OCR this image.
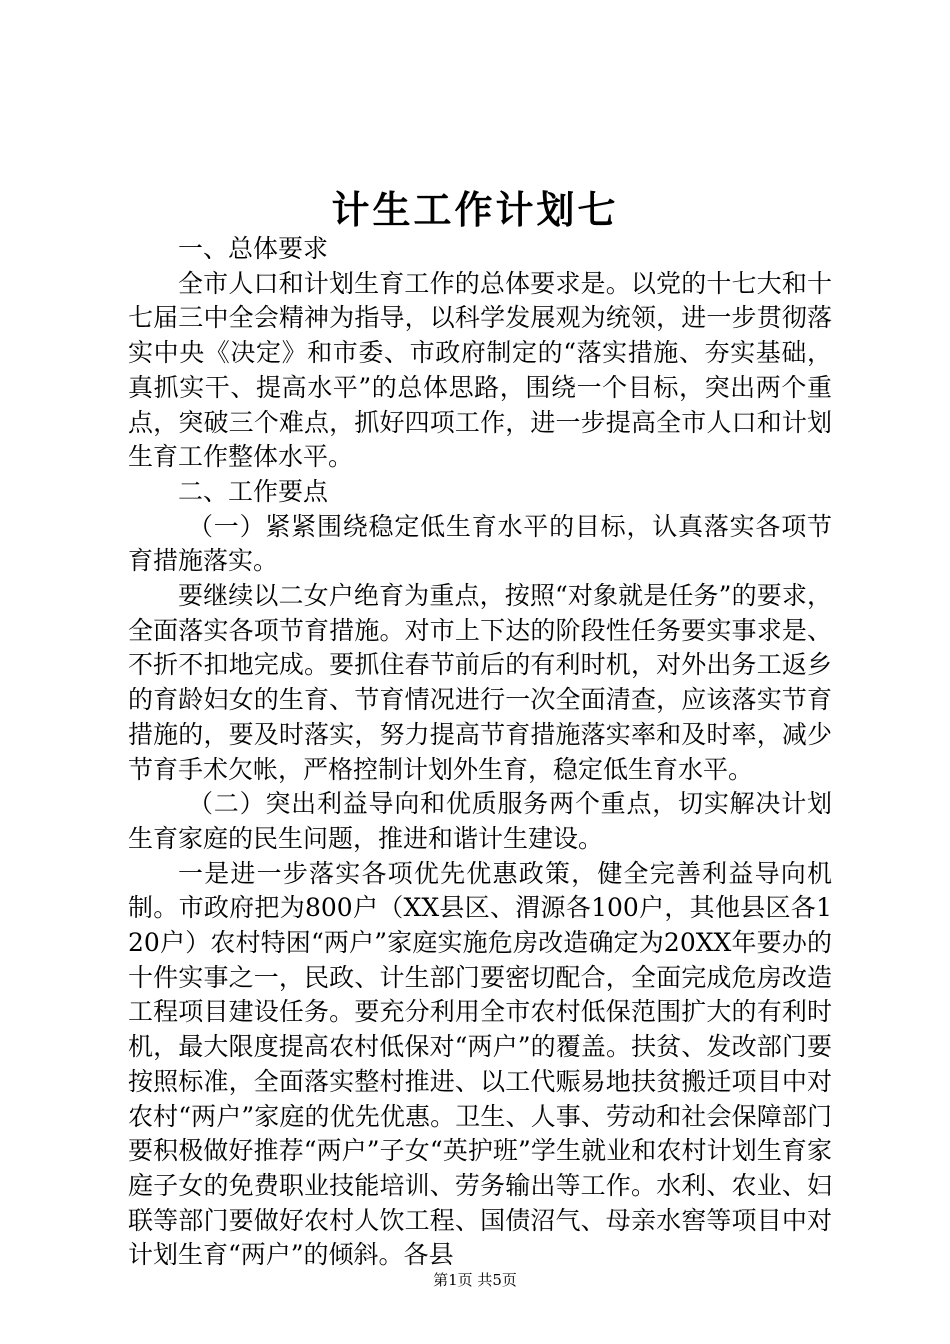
计生工作计划七

一、总体要求

全市人口和计划生育工作的总体要求是。以党的十七大和十七届三中全会精神为指导，以科学发展观为统领，进一步贯彻落实中央《决定》和市委、市政府制定的“落实措施、夯实基础，真抓实干、提高水平”的总体思路，围绕一个目标，突出两个重点，突破三个难点，抓好四项工作，进一步提高全市人口和计划生育工作整体水平。

二、工作要点

（一）紧紧围绕稳定低生育水平的目标，认真落实各项节育措施落实。

要继续以二女户绝育为重点，按照“对象就是任务”的要求，全面落实各项节育措施。对市上下达的阶段性任务要实事求是、不折不扣地完成。要抓住春节前后的有利时机，对外出务工返乡的育龄妇女的生育、节育情况进行一次全面清查，应该落实节育措施的，要及时落实，努力提高节育措施落实率和及时率，减少节育手术欠帐，严格控制计划外生育，稳定低生育水平。

（二）突出利益导向和优质服务两个重点，切实解决计划生育家庭的民生问题，推进和谐计生建设。

一是进一步落实各项优先优惠政策，健全完善利益导向机制。市政府把为800户（XX县区、渭源各100户，其他县区各120户）农村特困“两户”家庭实施危房改造确定为20XX年要办的十件实事之一，民政、计生部门要密切配合，全面完成危房改造工程项目建设任务。要充分利用全市农村低保范围扩大的有利时机，最大限度提高农村低保对“两户”的覆盖。扶贫、发改部门要按照标准，全面落实整村推进、以工代赈易地扶贫搬迁项目中对农村“两户”家庭的优先优惠。卫生、人事、劳动和社会保障部门要积极做好推荐“两户”子女“英护班”学生就业和农村计划生育家庭子女的免费职业技能培训、劳务输出等工作。水利、农业、妇联等部门要做好农村人饮工程、国债沼气、母亲水窖等项目中对计划生育“两户”的倾斜。各县

第1页 共5页
